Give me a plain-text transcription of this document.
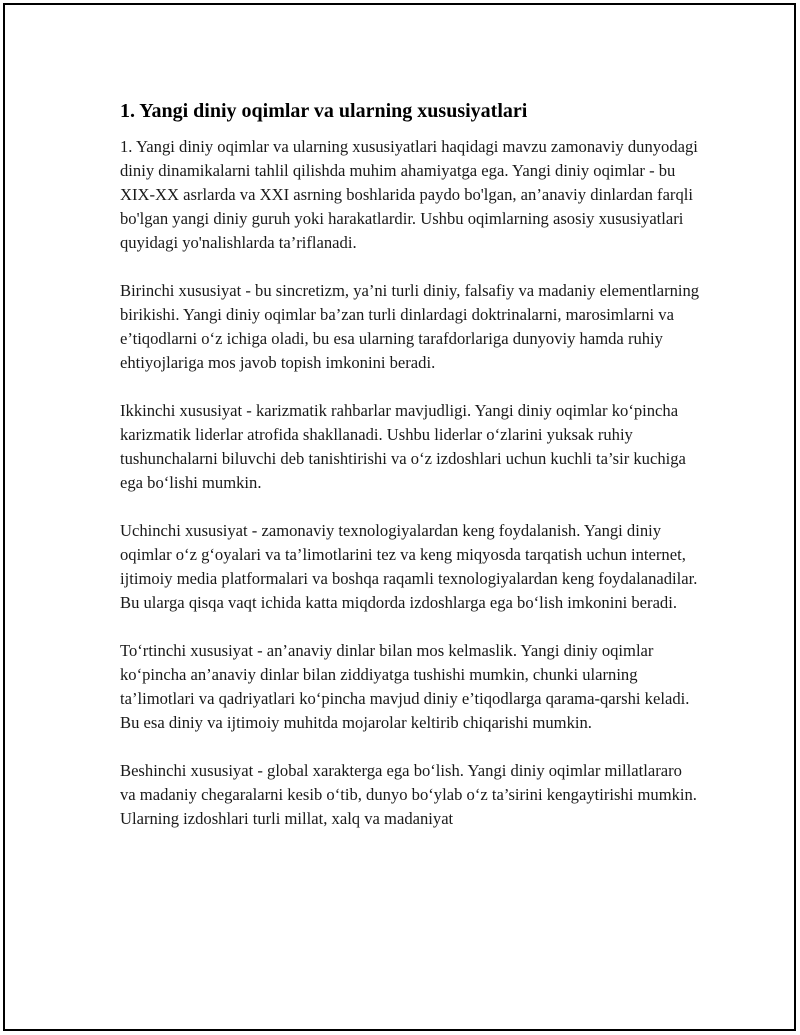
1. Yangi diniy oqimlar va ularning xususiyatlari

1. Yangi diniy oqimlar va ularning xususiyatlari haqidagi mavzu zamonaviy dunyodagi diniy dinamikalarni tahlil qilishda muhim ahamiyatga ega. Yangi diniy oqimlar - bu XIX-XX asrlarda va XXI asrning boshlarida paydo bo'lgan, an’anaviy dinlardan farqli bo'lgan yangi diniy guruh yoki harakatlardir. Ushbu oqimlarning asosiy xususiyatlari quyidagi yo'nalishlarda ta’riflanadi.

Birinchi xususiyat - bu sincretizm, ya’ni turli diniy, falsafiy va madaniy elementlarning birikishi. Yangi diniy oqimlar ba’zan turli dinlardagi doktrinalarni, marosimlarni va e’tiqodlarni o‘z ichiga oladi, bu esa ularning tarafdorlariga dunyoviy hamda ruhiy ehtiyojlariga mos javob topish imkonini beradi.

Ikkinchi xususiyat - karizmatik rahbarlar mavjudligi. Yangi diniy oqimlar ko‘pincha karizmatik liderlar atrofida shakllanadi. Ushbu liderlar o‘zlarini yuksak ruhiy tushunchalarni biluvchi deb tanishtirishi va o‘z izdoshlari uchun kuchli ta’sir kuchiga ega bo‘lishi mumkin.

Uchinchi xususiyat - zamonaviy texnologiyalardan keng foydalanish. Yangi diniy oqimlar o‘z g‘oyalari va ta’limotlarini tez va keng miqyosda tarqatish uchun internet, ijtimoiy media platformalari va boshqa raqamli texnologiyalardan keng foydalanadilar. Bu ularga qisqa vaqt ichida katta miqdorda izdoshlarga ega bo‘lish imkonini beradi.

To‘rtinchi xususiyat - an’anaviy dinlar bilan mos kelmaslik. Yangi diniy oqimlar ko‘pincha an’anaviy dinlar bilan ziddiyatga tushishi mumkin, chunki ularning ta’limotlari va qadriyatlari ko‘pincha mavjud diniy e’tiqodlarga qarama-qarshi keladi. Bu esa diniy va ijtimoiy muhitda mojarolar keltirib chiqarishi mumkin.

Beshinchi xususiyat - global xarakterga ega bo‘lish. Yangi diniy oqimlar millatlararo va madaniy chegaralarni kesib o‘tib, dunyo bo‘ylab o‘z ta’sirini kengaytirishi mumkin. Ularning izdoshlari turli millat, xalq va madaniyat
